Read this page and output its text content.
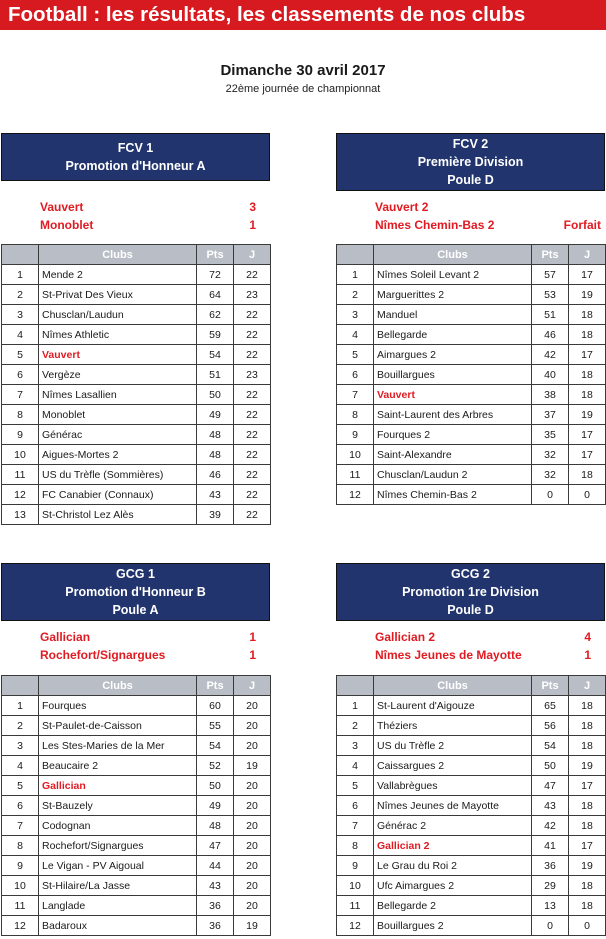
Football : les résultats, les classements de nos clubs
Dimanche 30 avril 2017
22ème journée de championnat
FCV 1
Promotion d'Honneur A
Vauvert	3
Monoblet	1
	Clubs	Pts	J
1	Mende 2	72	22
2	St-Privat Des Vieux	64	23
3	Chusclan/Laudun	62	22
4	Nîmes Athletic	59	22
5	Vauvert	54	22
6	Vergèze	51	23
7	Nîmes Lasallien	50	22
8	Monoblet	49	22
9	Générac	48	22
10	Aigues-Mortes 2	48	22
11	US du Trèfle (Sommières)	46	22
12	FC Canabier (Connaux)	43	22
13	St-Christol Lez Alès	39	22
FCV 2
Première Division
Poule D
Vauvert 2
Nîmes Chemin-Bas 2	Forfait
	Clubs	Pts	J
1	Nîmes Soleil Levant 2	57	17
2	Marguerittes 2	53	19
3	Manduel	51	18
4	Bellegarde	46	18
5	Aimargues 2	42	17
6	Bouillargues	40	18
7	Vauvert	38	18
8	Saint-Laurent des Arbres	37	19
9	Fourques 2	35	17
10	Saint-Alexandre	32	17
11	Chusclan/Laudun 2	32	18
12	Nîmes Chemin-Bas 2	0	0
GCG 1
Promotion d'Honneur B
Poule A
Gallician	1
Rochefort/Signargues	1
	Clubs	Pts	J
1	Fourques	60	20
2	St-Paulet-de-Caisson	55	20
3	Les Stes-Maries de la Mer	54	20
4	Beaucaire 2	52	19
5	Gallician	50	20
6	St-Bauzely	49	20
7	Codognan	48	20
8	Rochefort/Signargues	47	20
9	Le Vigan - PV Aigoual	44	20
10	St-Hilaire/La Jasse	43	20
11	Langlade	36	20
12	Badaroux	36	19
GCG 2
Promotion 1re Division
Poule D
Gallician 2	4
Nîmes Jeunes de Mayotte	1
	Clubs	Pts	J
1	St-Laurent d'Aigouze	65	18
2	Théziers	56	18
3	US du Trèfle 2	54	18
4	Caissargues 2	50	19
5	Vallabrègues	47	17
6	Nîmes Jeunes de Mayotte	43	18
7	Générac 2	42	18
8	Gallician 2	41	17
9	Le Grau du Roi 2	36	19
10	Ufc Aimargues 2	29	18
11	Bellegarde 2	13	18
12	Bouillargues 2	0	0
